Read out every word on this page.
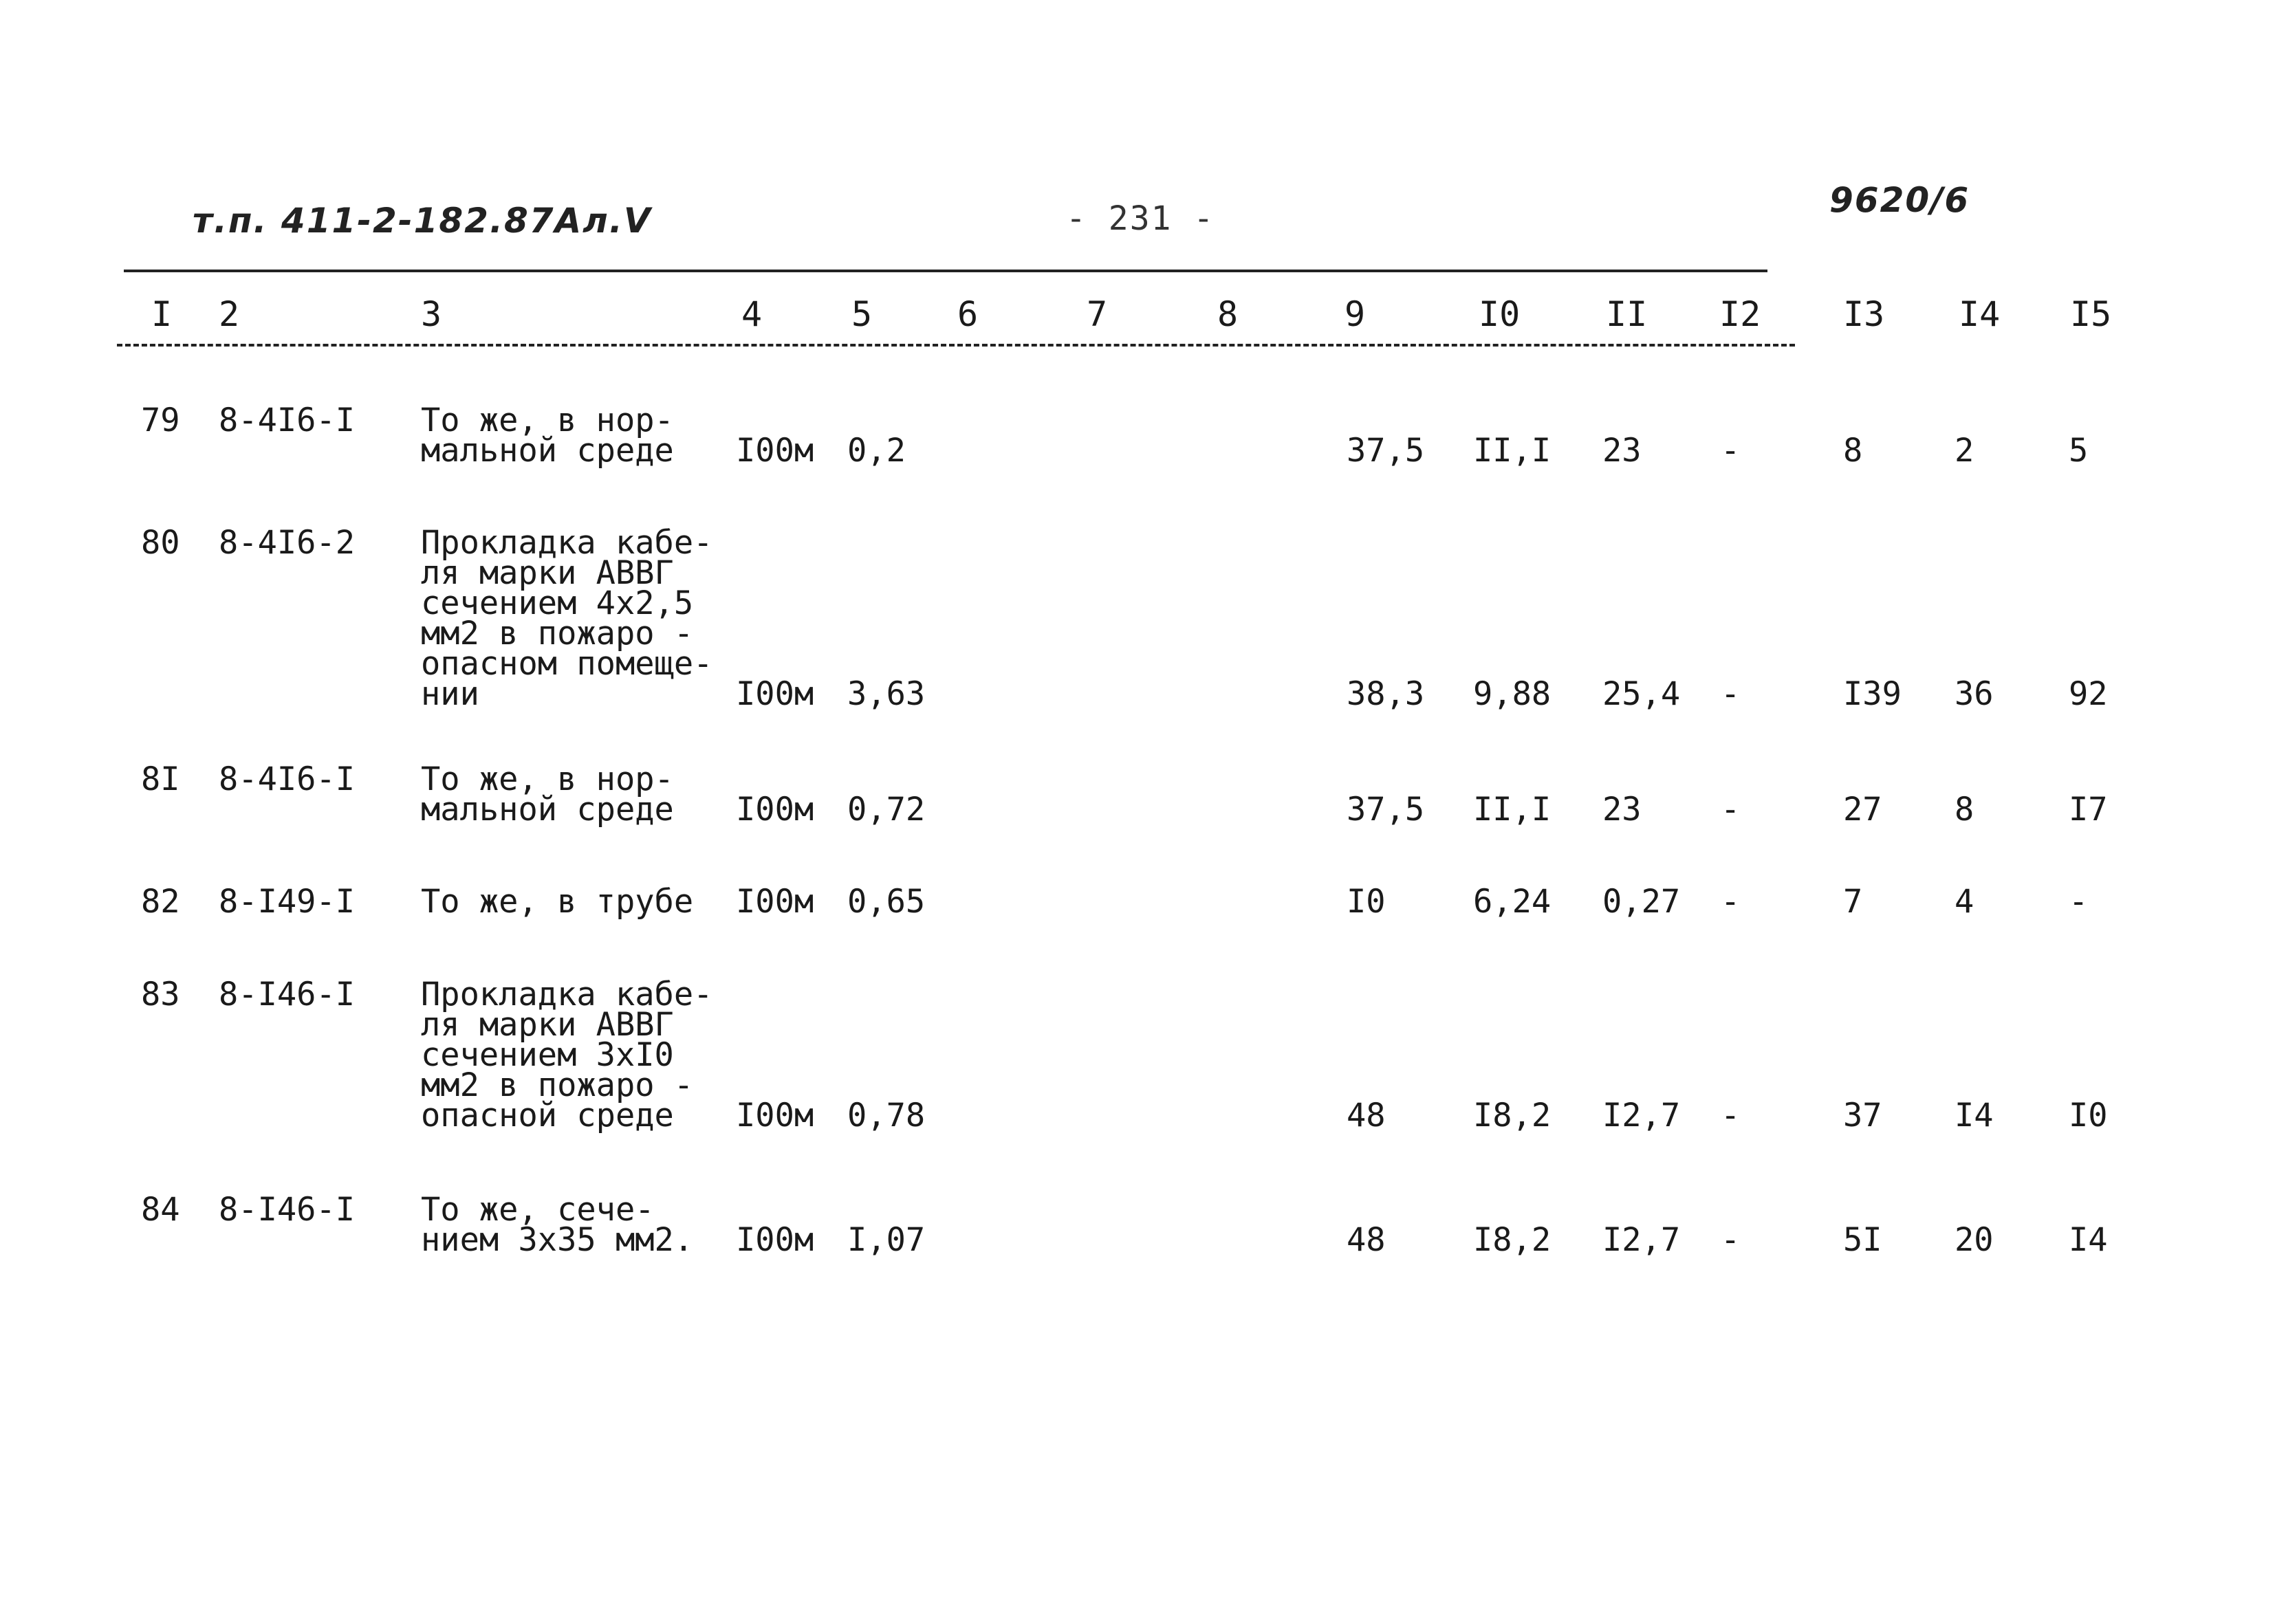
т.п. 411-2-182.87Ал.V	- 231 -	9620/6
I 2	3	4	5 6	7	8	9	I0 II I2 I3 I4 I5
79 8-4I6-I То же, в нор-
мальной среде I00м 0,2	37,5 II,I 23 -	8	2	5
80 8-4I6-2 Прокладка кабе-
ля марки АВВГ
сечением 4х2,5
мм2 в пожаро -
опасном помеще-
нии	I00м 3,63	38,3 9,88 25,4 -	I39 36 92
8I 8-4I6-I То же, в нор-
мальной среде I00м 0,72	37,5 II,I 23 -	27 8	I7
82 8-I49-I То же, в трубе I00м 0,65	I0	6,24 0,27 -	7	4	-
83 8-I46-I Прокладка кабе-
ля марки АВВГ
сечением 3хI0
мм2 в пожаро -
опасной среде	I00м 0,78	48	I8,2 I2,7 -	37 I4 I0
84 8-I46-I То же, сече-
нием 3х35 мм2. I00м I,07	48	I8,2 I2,7 -	5I 20 I4
